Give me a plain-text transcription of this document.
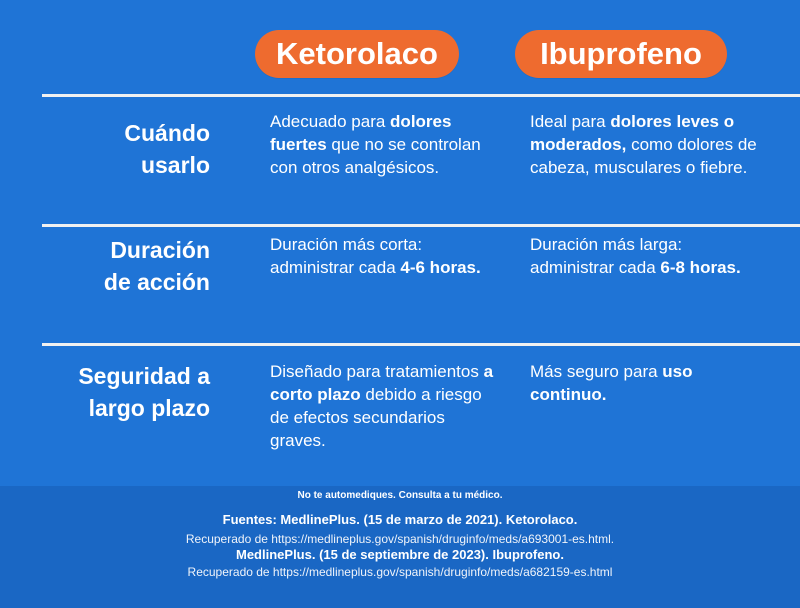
Ketorolaco	Ibuprofeno
Cuándo
usarlo
Adecuado para dolores fuertes que no se controlan con otros analgésicos.
Ideal para dolores leves o moderados, como dolores de cabeza, musculares o fiebre.
Duración
de acción
Duración más corta: administrar cada 4-6 horas.
Duración más larga: administrar cada 6-8 horas.
Seguridad a
largo plazo
Diseñado para tratamientos a corto plazo debido a riesgo de efectos secundarios graves.
Más seguro para uso continuo.
No te automediques. Consulta a tu médico.
Fuentes: MedlinePlus. (15 de marzo de 2021). Ketorolaco.
Recuperado de https://medlineplus.gov/spanish/druginfo/meds/a693001-es.html.
MedlinePlus. (15 de septiembre de 2023). Ibuprofeno.
Recuperado de https://medlineplus.gov/spanish/druginfo/meds/a682159-es.html
